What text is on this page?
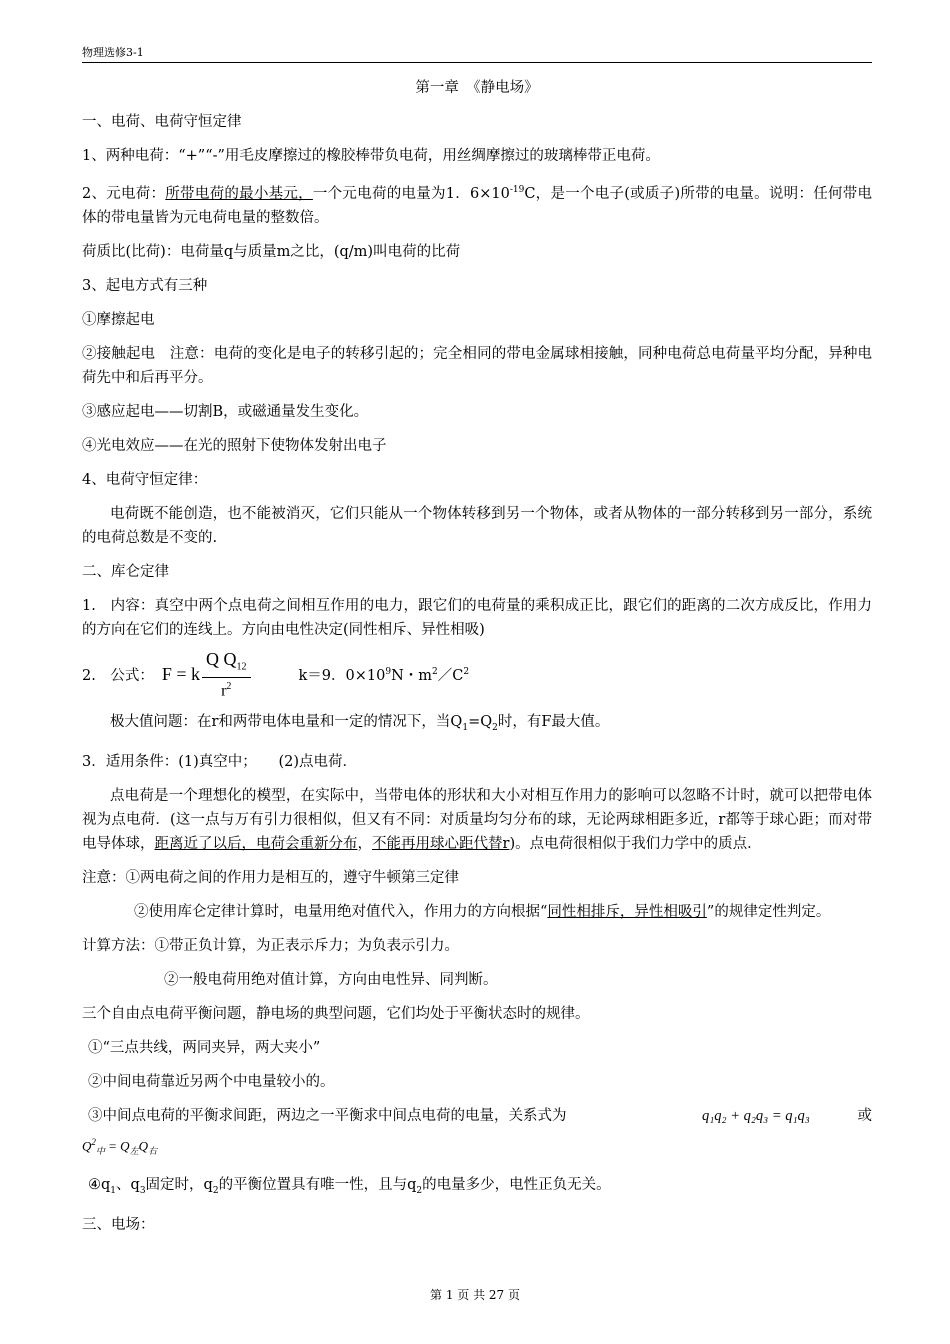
物理选修3-1
第一章　《静电场》
一、电荷、电荷守恒定律
1、两种电荷：“+”“-”用毛皮摩擦过的橡胶棒带负电荷，用丝绸摩擦过的玻璃棒带正电荷。
2、元电荷：所带电荷的最小基元，一个元电荷的电量为1．$6\times 10^{-19}C$，是一个电子(或质子)所带的电量。说明：任何带电体的带电量皆为元电荷电量的整数倍。
荷质比(比荷)：电荷量q与质量m之比，(q/m)叫电荷的比荷
3、起电方式有三种
①摩擦起电
②接触起电　注意：电荷的变化是电子的转移引起的；完全相同的带电金属球相接触，同种电荷总电荷量平均分配，异种电荷先中和后再平分。
③感应起电——切割B，或磁通量发生变化。
④光电效应——在光的照射下使物体发射出电子
4、电荷守恒定律：
电荷既不能创造，也不能被消灭，它们只能从一个物体转移到另一个物体，或者从物体的一部分转移到另一部分，系统的电荷总数是不变的.
二、库仑定律
1.　内容：真空中两个点电荷之间相互作用的电力，跟它们的电荷量的乘积成正比，跟它们的距离的二次方成反比，作用力的方向在它们的连线上。方向由电性决定(同性相斥、异性相吸)
2.　公式： F = k $\frac{Q Q_{12}}{r^2}$	k＝9．$0\times 10^9N$・$m^2/C^2$
极大值问题：在r和两带电体电量和一定的情况下，当$Q_1=Q_2$时，有F最大值。
3．适用条件：(1)真空中；　　(2)点电荷．
点电荷是一个理想化的模型，在实际中，当带电体的形状和大小对相互作用力的影响可以忽略不计时，就可以把带电体视为点电荷．(这一点与万有引力很相似，但又有不同：对质量均匀分布的球，无论两球相距多近，r都等于球心距；而对带电导体球，距离近了以后，电荷会重新分布，不能再用球心距代替r)。点电荷很相似于我们力学中的质点．
注意：①两电荷之间的作用力是相互的，遵守牛顿第三定律
②使用库仑定律计算时，电量用绝对值代入，作用力的方向根据“同性相排斥，异性相吸引”的规律定性判定。
计算方法：①带正负计算，为正表示斥力；为负表示引力。
②一般电荷用绝对值计算，方向由电性异、同判断。
三个自由点电荷平衡问题，静电场的典型问题，它们均处于平衡状态时的规律。
①“三点共线，两同夹异，两大夹小”
②中间电荷靠近另两个中电量较小的。
③中间点电荷的平衡求间距，两边之一平衡求中间点电荷的电量，关系式为	q₁q₂ + q₂q₃ = q₁q₃	或
$Q^2_中 = Q_左Q_右$
$④q_1$、$q_3$固定时，$q_2$的平衡位置具有唯一性，且与$q_2$的电量多少，电性正负无关。
三、电场：
第 1 页 共 27 页
